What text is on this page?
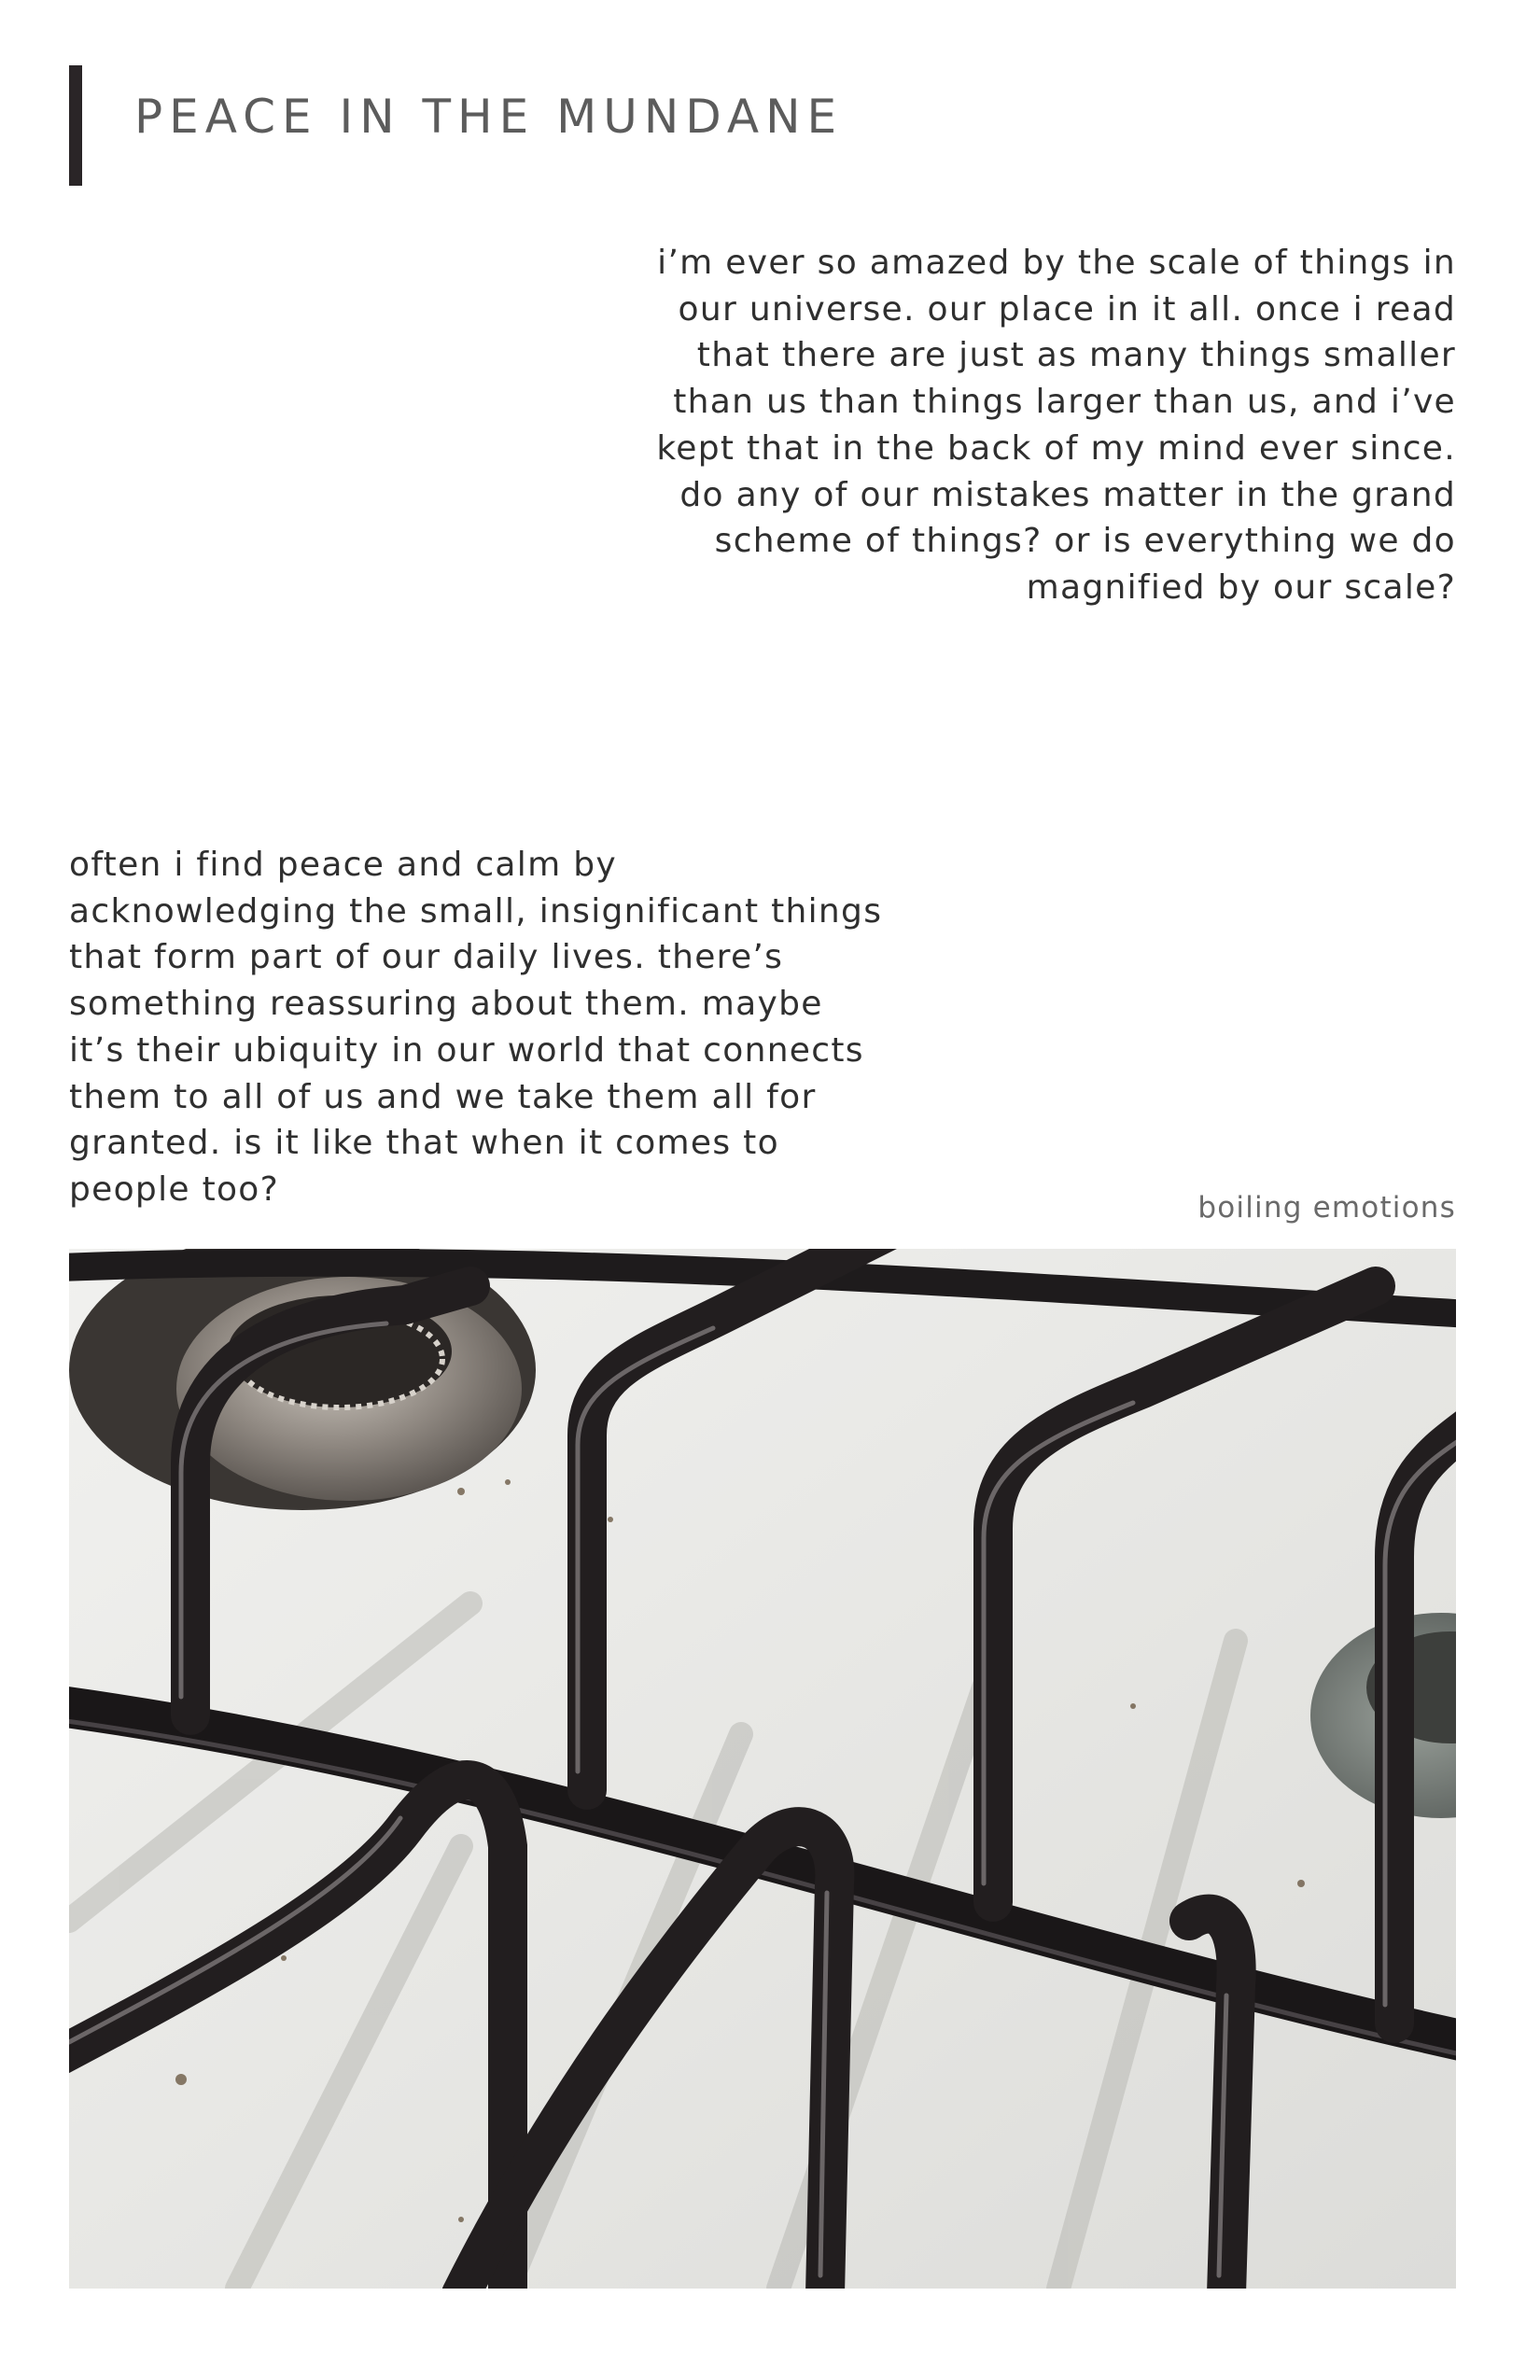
PEACE IN THE MUNDANE
i’m ever so amazed by the scale of things in
our universe. our place in it all. once i read
that there are just as many things smaller
than us than things larger than us, and i’ve
kept that in the back of my mind ever since.
do any of our mistakes matter in the grand
scheme of things? or is everything we do
magnified by our scale?
often i find peace and calm by
acknowledging the small, insignificant things
that form part of our daily lives. there’s
something reassuring about them. maybe
it’s their ubiquity in our world that connects
them to all of us and we take them all for
granted. is it like that when it comes to
people too?	boiling emotions
